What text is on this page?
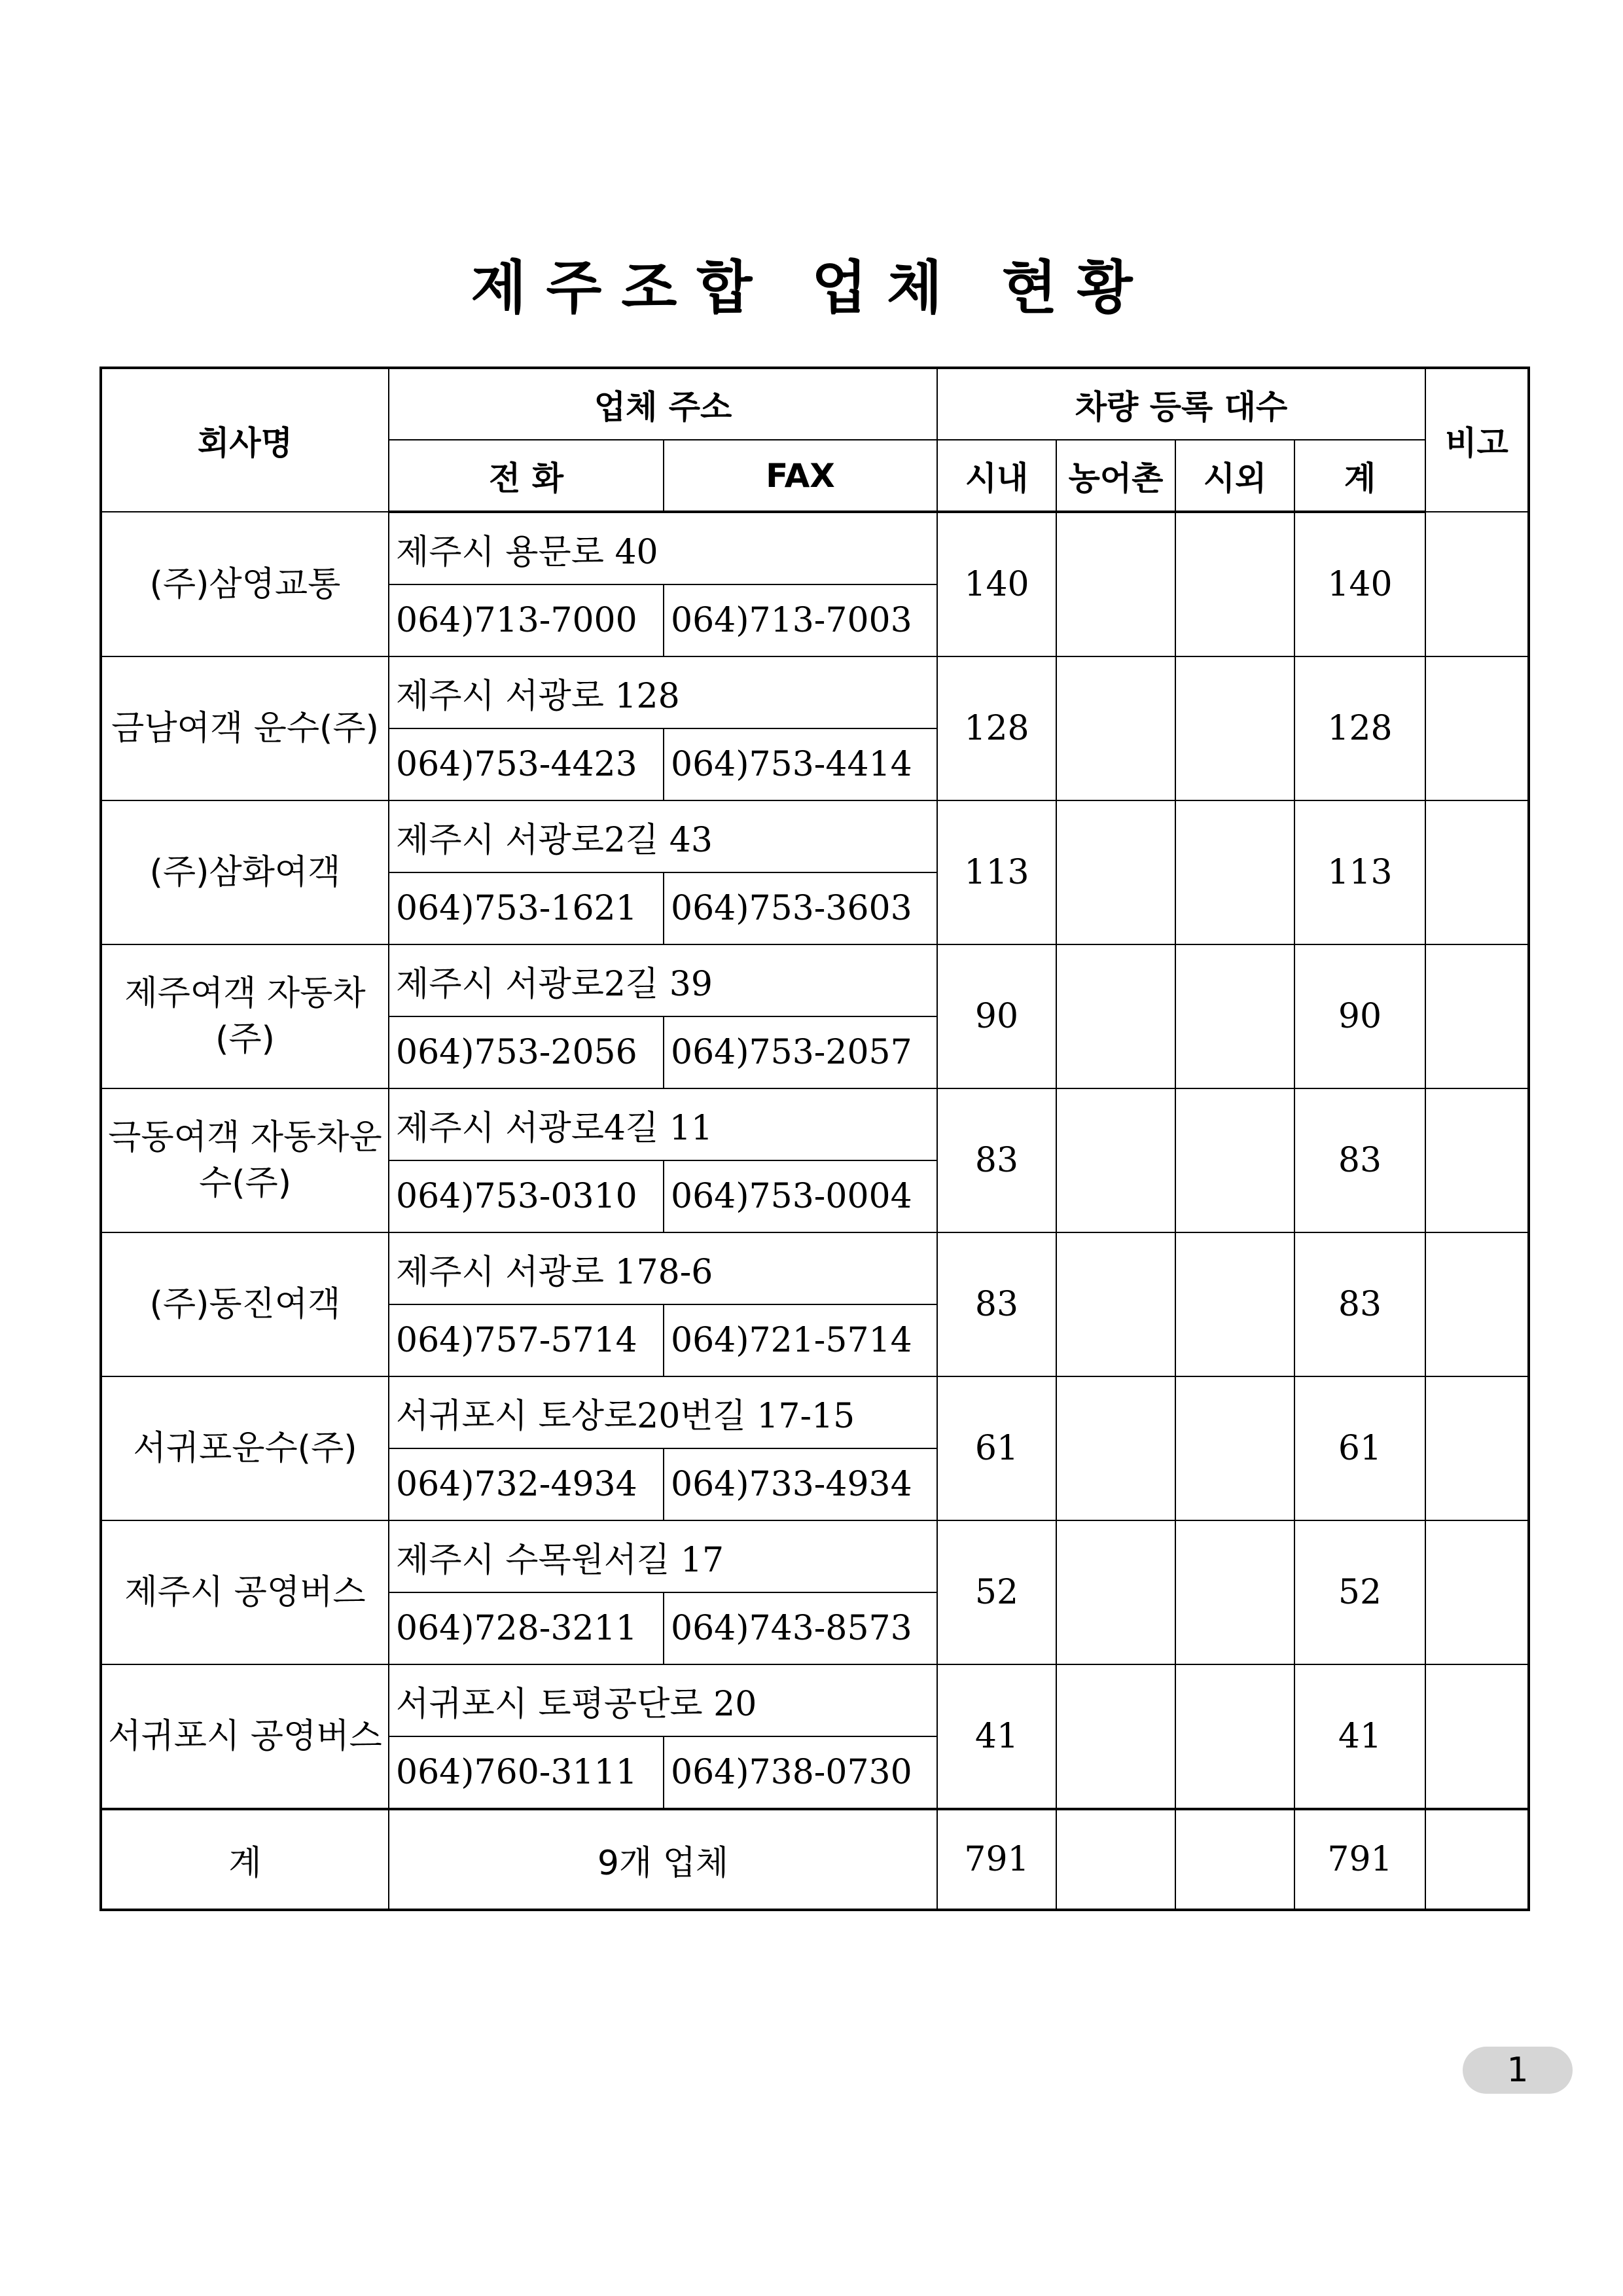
제주조합 업체 현황
회사명	업체 주소		차량 등록 대수				비고
	전 화	FAX	시내	농어촌	시외	계	
(주)삼영교통	제주시 용문로 40		140			140	
	064)713-7000	064)713-7003					
금남여객 운수(주)	제주시 서광로 128		128			128	
	064)753-4423	064)753-4414					
(주)삼화여객	제주시 서광로2길 43		113			113	
	064)753-1621	064)753-3603					
제주여객 자동차(주)	제주시 서광로2길 39		90			90	
	064)753-2056	064)753-2057					
극동여객 자동차운수(주)	제주시 서광로4길 11		83			83	
	064)753-0310	064)753-0004					
(주)동진여객	제주시 서광로 178-6		83			83	
	064)757-5714	064)721-5714					
서귀포운수(주)	서귀포시 토상로20번길 17-15		61			61	
	064)732-4934	064)733-4934					
제주시 공영버스	제주시 수목원서길 17		52			52	
	064)728-3211	064)743-8573					
서귀포시 공영버스	서귀포시 토평공단로 20		41			41	
	064)760-3111	064)738-0730					
계	9개 업체		791			791	
1
